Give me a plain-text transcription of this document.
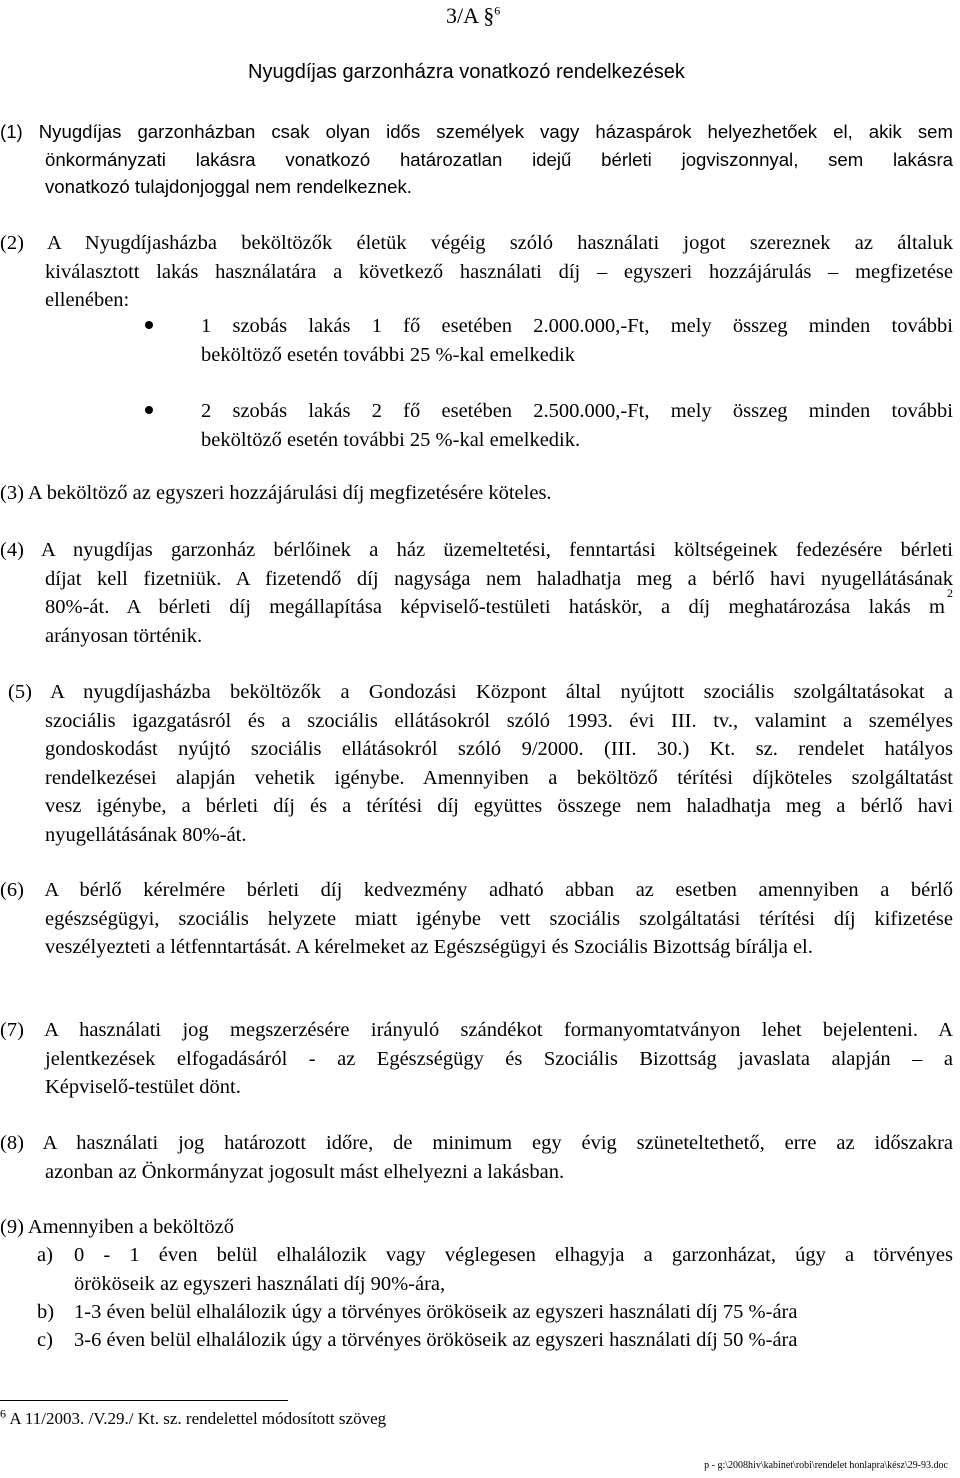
3/A §$^6$
Nyugdíjas garzonházra vonatkozó rendelkezések
(1) Nyugdíjas garzonházban csak olyan idős személyek vagy házaspárok helyezhetőek el, akik sem
önkormányzati lakásra vonatkozó határozatlan idejű bérleti jogviszonnyal, sem lakásra
vonatkozó tulajdonjoggal nem rendelkeznek.
(2) A Nyugdíjasházba beköltözők életük végéig szóló használati jogot szereznek az általuk
kiválasztott lakás használatára a következő használati díj – egyszeri hozzájárulás – megfizetése
ellenében:
1 szobás lakás 1 fő esetében 2.000.000,-Ft, mely összeg minden további
beköltöző esetén további 25 %-kal emelkedik
2 szobás lakás 2 fő esetében 2.500.000,-Ft, mely összeg minden további
beköltöző esetén további 25 %-kal emelkedik.
(3) A beköltöző az egyszeri hozzájárulási díj megfizetésére köteles.
(4) A nyugdíjas garzonház bérlőinek a ház üzemeltetési, fenntartási költségeinek fedezésére bérleti
díjat kell fizetniük. A fizetendő díj nagysága nem haladhatja meg a bérlő havi nyugellátásának
80%-át. A bérleti díj megállapítása képviselő-testületi hatáskör, a díj meghatározása lakás m
2
arányosan történik.
(5) A nyugdíjasházba beköltözők a Gondozási Központ által nyújtott szociális szolgáltatásokat a
szociális igazgatásról és a szociális ellátásokról szóló 1993. évi III. tv., valamint a személyes
gondoskodást nyújtó szociális ellátásokról szóló 9/2000. (III. 30.) Kt. sz. rendelet hatályos
rendelkezései alapján vehetik igénybe. Amennyiben a beköltöző térítési díjköteles szolgáltatást
vesz igénybe, a bérleti díj és a térítési díj együttes összege nem haladhatja meg a bérlő havi
nyugellátásának 80%-át.
(6) A bérlő kérelmére bérleti díj kedvezmény adható abban az esetben amennyiben a bérlő
egészségügyi, szociális helyzete miatt igénybe vett szociális szolgáltatási térítési díj kifizetése
veszélyezteti a létfenntartását. A kérelmeket az Egészségügyi és Szociális Bizottság bírálja el.
(7) A használati jog megszerzésére irányuló szándékot formanyomtatványon lehet bejelenteni. A
jelentkezések elfogadásáról - az Egészségügy és Szociális Bizottság javaslata alapján – a
Képviselő-testület dönt.
(8) A használati jog határozott időre, de minimum egy évig szüneteltethető, erre az időszakra
azonban az Önkormányzat jogosult mást elhelyezni a lakásban.
(9) Amennyiben a beköltöző
a) 0 - 1 éven belül elhalálozik vagy véglegesen elhagyja a garzonházat, úgy a törvényes
örököseik az egyszeri használati díj 90%-ára,
b) 1-3 éven belül elhalálozik úgy a törvényes örököseik az egyszeri használati díj 75 %-ára
c) 3-6 éven belül elhalálozik úgy a törvényes örököseik az egyszeri használati díj 50 %-ára
$^6$ A 11/2003. /V.29./ Kt. sz. rendelettel módosított szöveg
p - g:\2008hiv\kabinet\robi\rendelet honlapra\kész\29-93.doc
